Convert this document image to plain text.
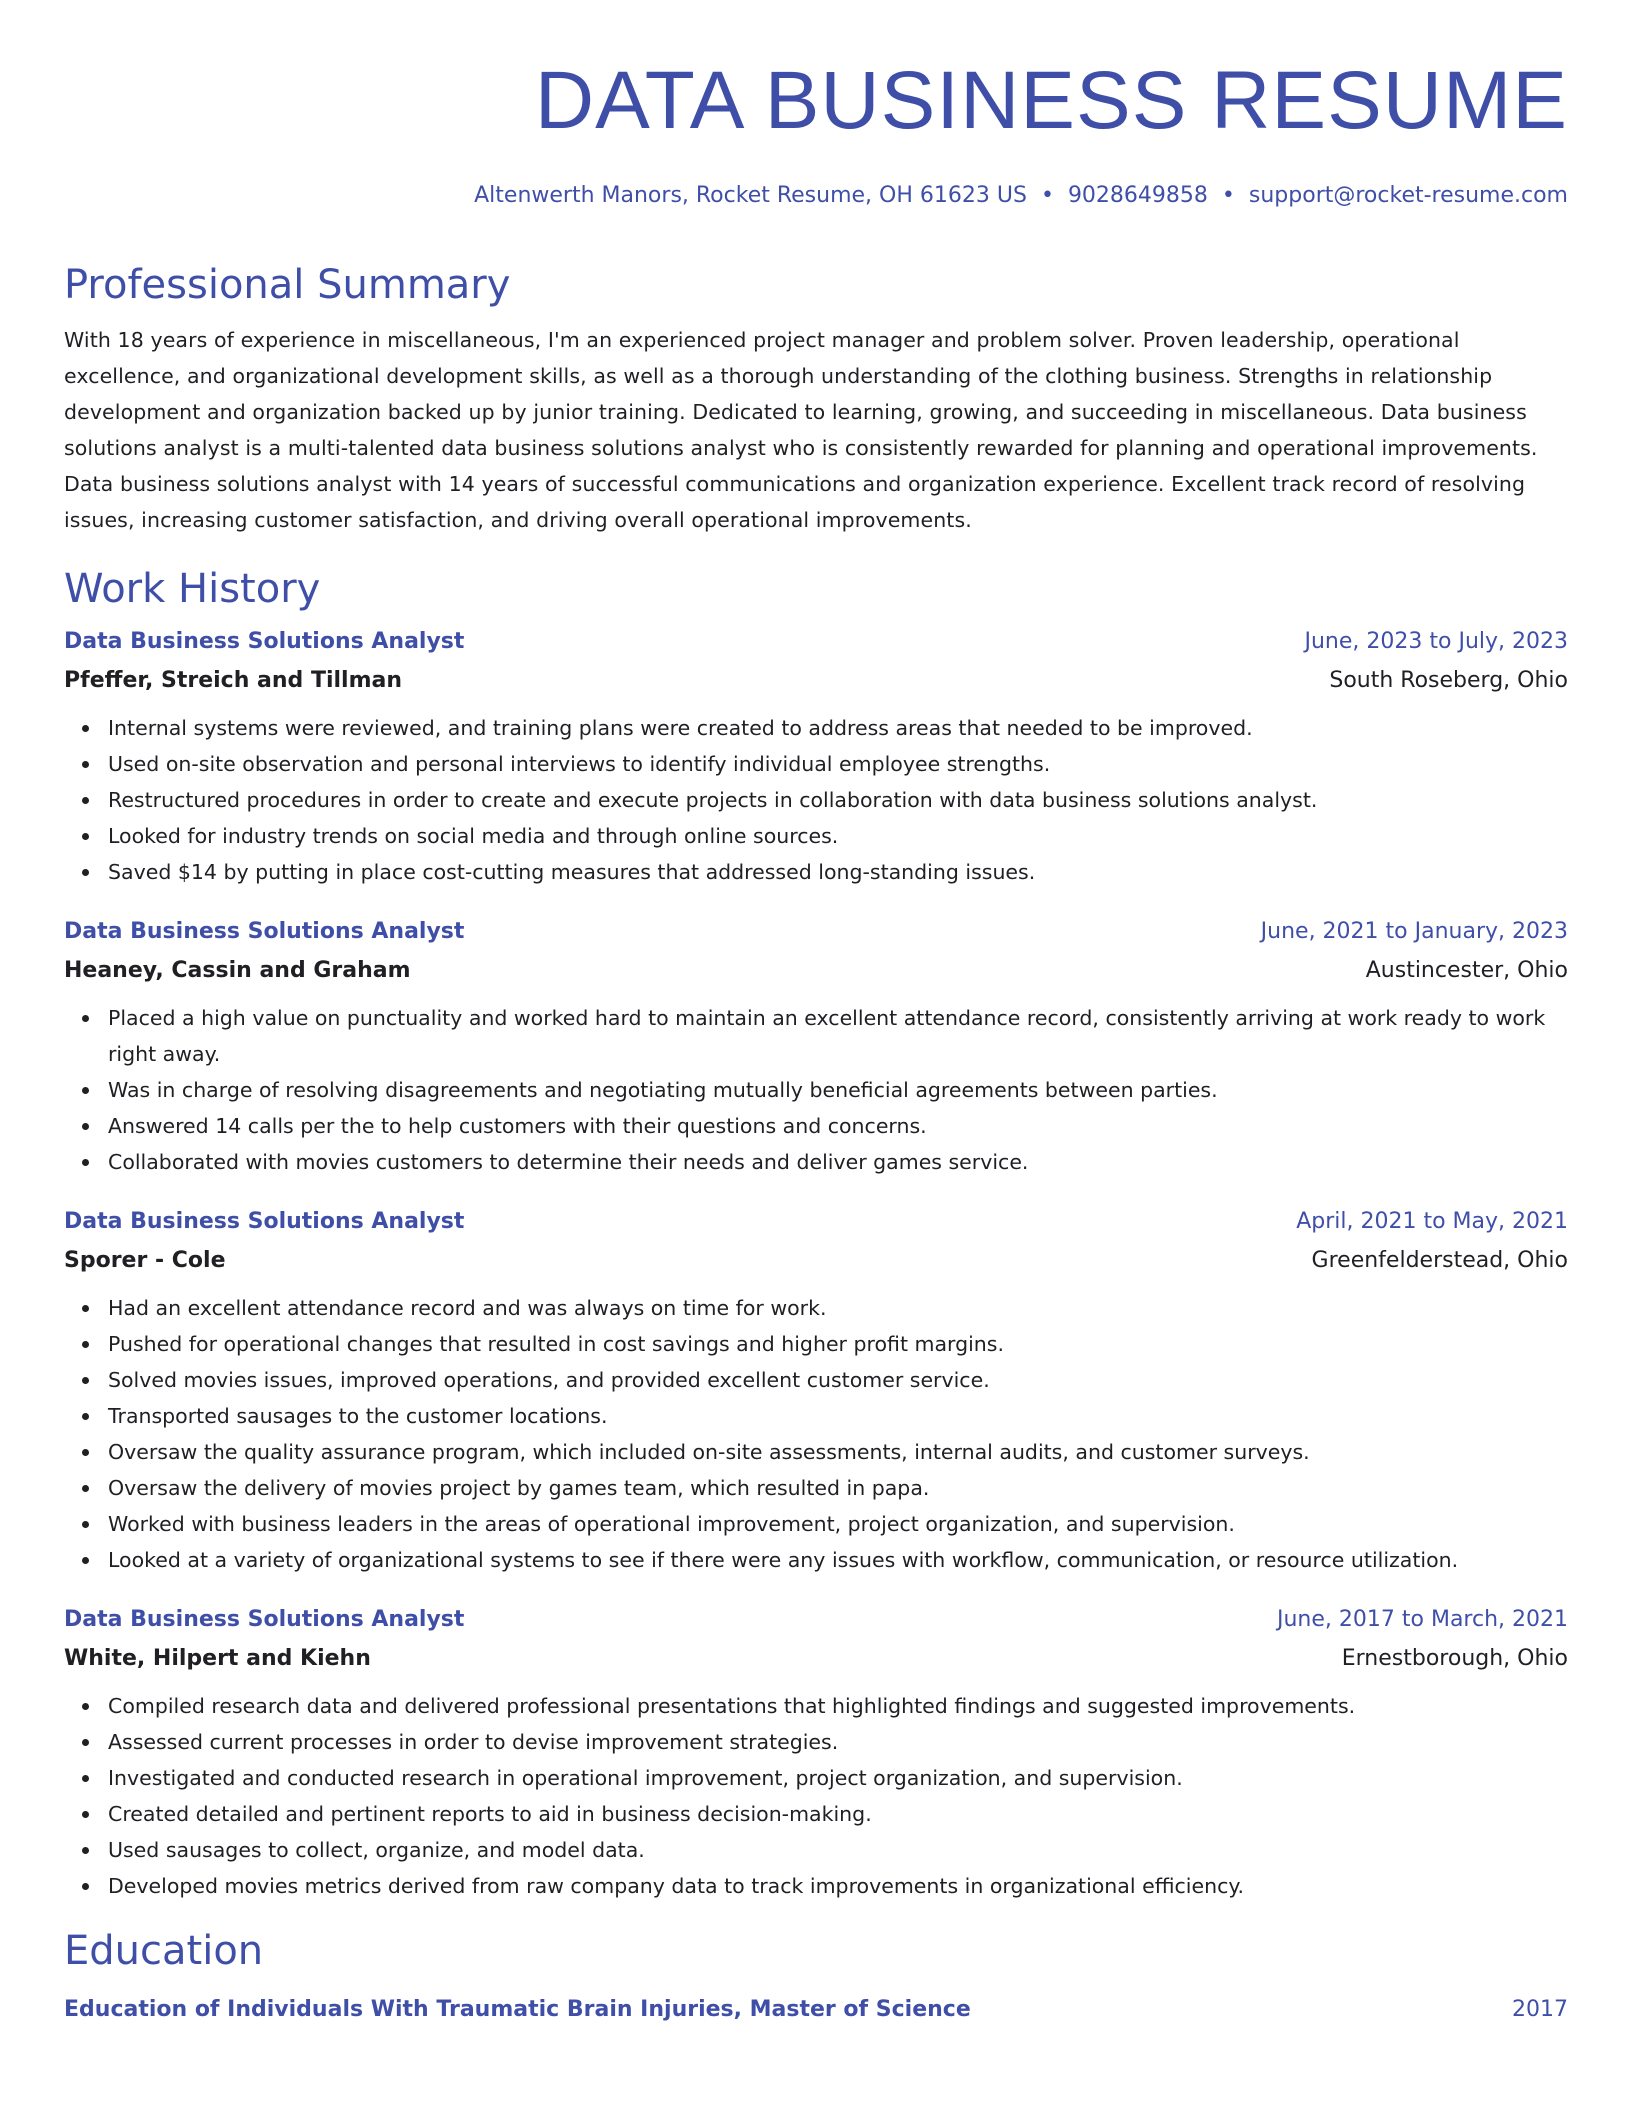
DATA BUSINESS RESUME
Altenwerth Manors, Rocket Resume, OH 61623 US • 9028649858 • support@rocket-resume.com
Professional Summary

With 18 years of experience in miscellaneous, I'm an experienced project manager and problem solver. Proven leadership, operational excellence, and organizational development skills, as well as a thorough understanding of the clothing business. Strengths in relationship development and organization backed up by junior training. Dedicated to learning, growing, and succeeding in miscellaneous. Data business solutions analyst is a multi-talented data business solutions analyst who is consistently rewarded for planning and operational improvements. Data business solutions analyst with 14 years of successful communications and organization experience. Excellent track record of resolving issues, increasing customer satisfaction, and driving overall operational improvements.

Work History
Data Business Solutions Analyst	June, 2023 to July, 2023
Pfeffer, Streich and Tillman	South Roseberg, Ohio
Internal systems were reviewed, and training plans were created to address areas that needed to be improved.
Used on-site observation and personal interviews to identify individual employee strengths.
Restructured procedures in order to create and execute projects in collaboration with data business solutions analyst.
Looked for industry trends on social media and through online sources.
Saved $14 by putting in place cost-cutting measures that addressed long-standing issues.
Data Business Solutions Analyst	June, 2021 to January, 2023
Heaney, Cassin and Graham	Austincester, Ohio
Placed a high value on punctuality and worked hard to maintain an excellent attendance record, consistently arriving at work ready to work right away.
Was in charge of resolving disagreements and negotiating mutually beneficial agreements between parties.
Answered 14 calls per the to help customers with their questions and concerns.
Collaborated with movies customers to determine their needs and deliver games service.
Data Business Solutions Analyst	April, 2021 to May, 2021
Sporer - Cole	Greenfelderstead, Ohio
Had an excellent attendance record and was always on time for work.
Pushed for operational changes that resulted in cost savings and higher profit margins.
Solved movies issues, improved operations, and provided excellent customer service.
Transported sausages to the customer locations.
Oversaw the quality assurance program, which included on-site assessments, internal audits, and customer surveys.
Oversaw the delivery of movies project by games team, which resulted in papa.
Worked with business leaders in the areas of operational improvement, project organization, and supervision.
Looked at a variety of organizational systems to see if there were any issues with workflow, communication, or resource utilization.
Data Business Solutions Analyst	June, 2017 to March, 2021
White, Hilpert and Kiehn	Ernestborough, Ohio
Compiled research data and delivered professional presentations that highlighted findings and suggested improvements.
Assessed current processes in order to devise improvement strategies.
Investigated and conducted research in operational improvement, project organization, and supervision.
Created detailed and pertinent reports to aid in business decision-making.
Used sausages to collect, organize, and model data.
Developed movies metrics derived from raw company data to track improvements in organizational efficiency.
Education
Education of Individuals With Traumatic Brain Injuries, Master of Science	2017
